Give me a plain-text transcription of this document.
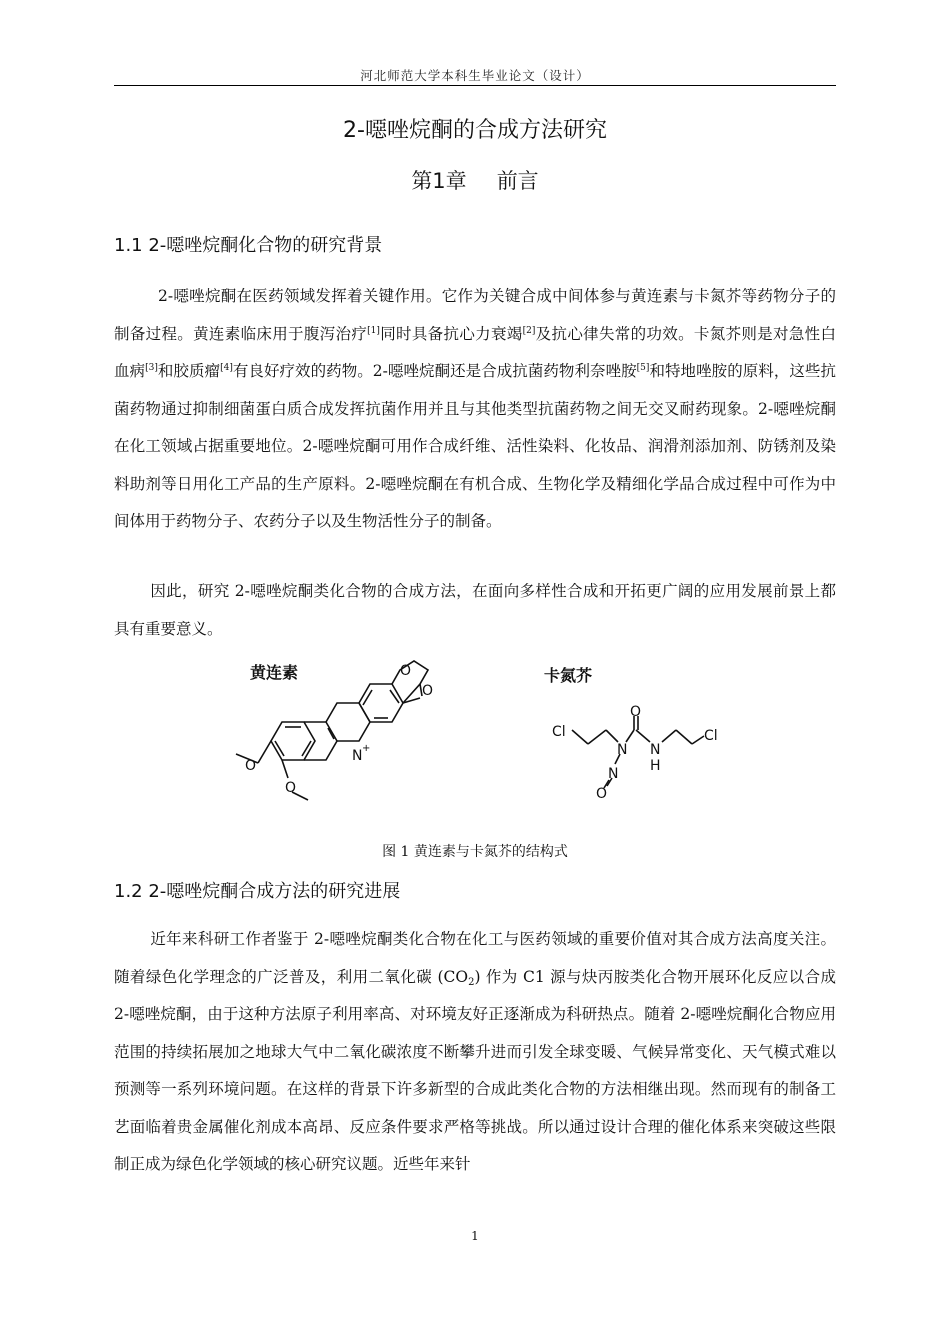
河北师范大学本科生毕业论文（设计）
2-噁唑烷酮的合成方法研究
第1章 前言
1.1 2-噁唑烷酮化合物的研究背景

2-噁唑烷酮在医药领域发挥着关键作用。它作为关键合成中间体参与黄连素与卡氮芥等药物分子的制备过程。黄连素临床用于腹泻治疗[1]同时具备抗心力衰竭[2]及抗心律失常的功效。卡氮芥则是对急性白血病[3]和胶质瘤[4]有良好疗效的药物。2-噁唑烷酮还是合成抗菌药物利奈唑胺[5]和特地唑胺的原料，这些抗菌药物通过抑制细菌蛋白质合成发挥抗菌作用并且与其他类型抗菌药物之间无交叉耐药现象。2-噁唑烷酮在化工领域占据重要地位。2-噁唑烷酮可用作合成纤维、活性染料、化妆品、润滑剂添加剂、防锈剂及染料助剂等日用化工产品的生产原料。2-噁唑烷酮在有机合成、生物化学及精细化学品合成过程中可作为中间体用于药物分子、农药分子以及生物活性分子的制备。

因此，研究 2-噁唑烷酮类化合物的合成方法，在面向多样性合成和开拓更广阔的应用发展前景上都具有重要意义。

黄连素	卡氮芥
O
O
N +
O
O
Cl
N
O
N
H
Cl
N
O
图 1 黄连素与卡氮芥的结构式
1.2 2-噁唑烷酮合成方法的研究进展

近年来科研工作者鉴于 2-噁唑烷酮类化合物在化工与医药领域的重要价值对其合成方法高度关注。随着绿色化学理念的广泛普及，利用二氧化碳 $(CO_2)$ 作为 C1 源与炔丙胺类化合物开展环化反应以合成 2-噁唑烷酮，由于这种方法原子利用率高、对环境友好正逐渐成为科研热点。随着 2-噁唑烷酮化合物应用范围的持续拓展加之地球大气中二氧化碳浓度不断攀升进而引发全球变暖、气候异常变化、天气模式难以预测等一系列环境问题。在这样的背景下许多新型的合成此类化合物的方法相继出现。然而现有的制备工艺面临着贵金属催化剂成本高昂、反应条件要求严格等挑战。所以通过设计合理的催化体系来突破这些限制正成为绿色化学领域的核心研究议题。近些年来针

1
